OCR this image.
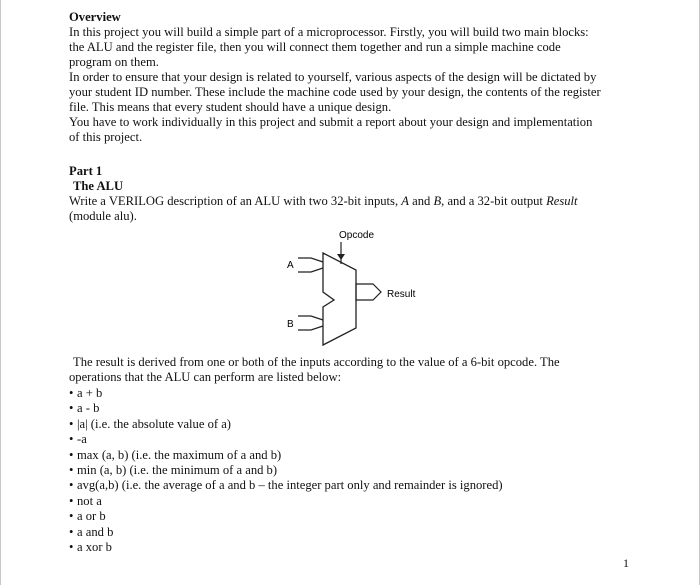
Overview

In this project you will build a simple part of a microprocessor. Firstly, you will build two main blocks:

the ALU and the register file, then you will connect them together and run a simple machine code

program on them.

In order to ensure that your design is related to yourself, various aspects of the design will be dictated by

your student ID number. These include the machine code used by your design, the contents of the register

file. This means that every student should have a unique design.

You have to work individually in this project and submit a report about your design and implementation

of this project.

Part 1

The ALU

Write a VERILOG description of an ALU with two 32-bit inputs, A and B, and a 32-bit output Result

(module alu).

Opcode
A
B
Result

The result is derived from one or both of the inputs according to the value of a 6-bit opcode. The

operations that the ALU can perform are listed below:

• a + b
• a - b
• |a| (i.e. the absolute value of a)
• -a
• max (a, b) (i.e. the maximum of a and b)
• min (a, b) (i.e. the minimum of a and b)
• avg(a,b) (i.e. the average of a and b – the integer part only and remainder is ignored)
• not a
• a or b
• a and b
• a xor b
1
